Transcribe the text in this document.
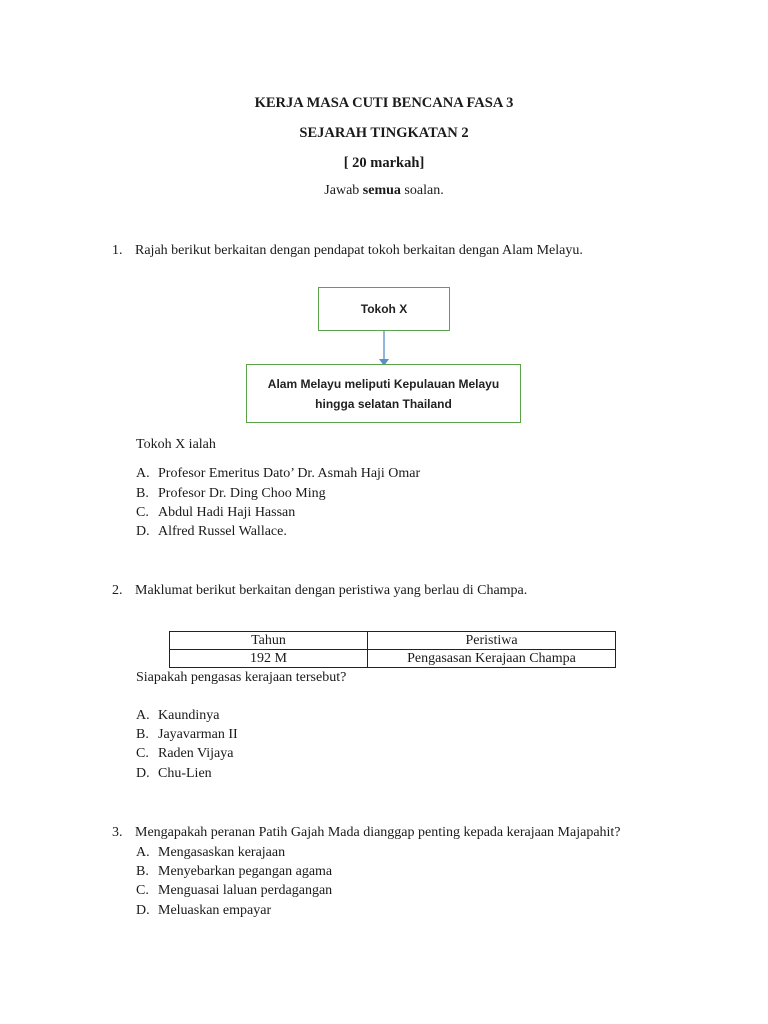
KERJA MASA CUTI BENCANA FASA 3
SEJARAH TINGKATAN 2
[ 20 markah]
Jawab semua soalan.
1. Rajah berikut berkaitan dengan pendapat tokoh berkaitan dengan Alam Melayu.
Tokoh X
Alam Melayu meliputi Kepulauan Melayu
hingga selatan Thailand
Tokoh X ialah
A. Profesor Emeritus Dato’ Dr. Asmah Haji Omar
B. Profesor Dr. Ding Choo Ming
C. Abdul Hadi Haji Hassan
D. Alfred Russel Wallace.
2. Maklumat berikut berkaitan dengan peristiwa yang berlau di Champa.
Tahun	Peristiwa
192 M	Pengasasan Kerajaan Champa
Siapakah pengasas kerajaan tersebut?
A. Kaundinya
B. Jayavarman II
C. Raden Vijaya
D. Chu-Lien
3. Mengapakah peranan Patih Gajah Mada dianggap penting kepada kerajaan Majapahit?
A. Mengasaskan kerajaan
B. Menyebarkan pegangan agama
C. Menguasai laluan perdagangan
D. Meluaskan empayar
